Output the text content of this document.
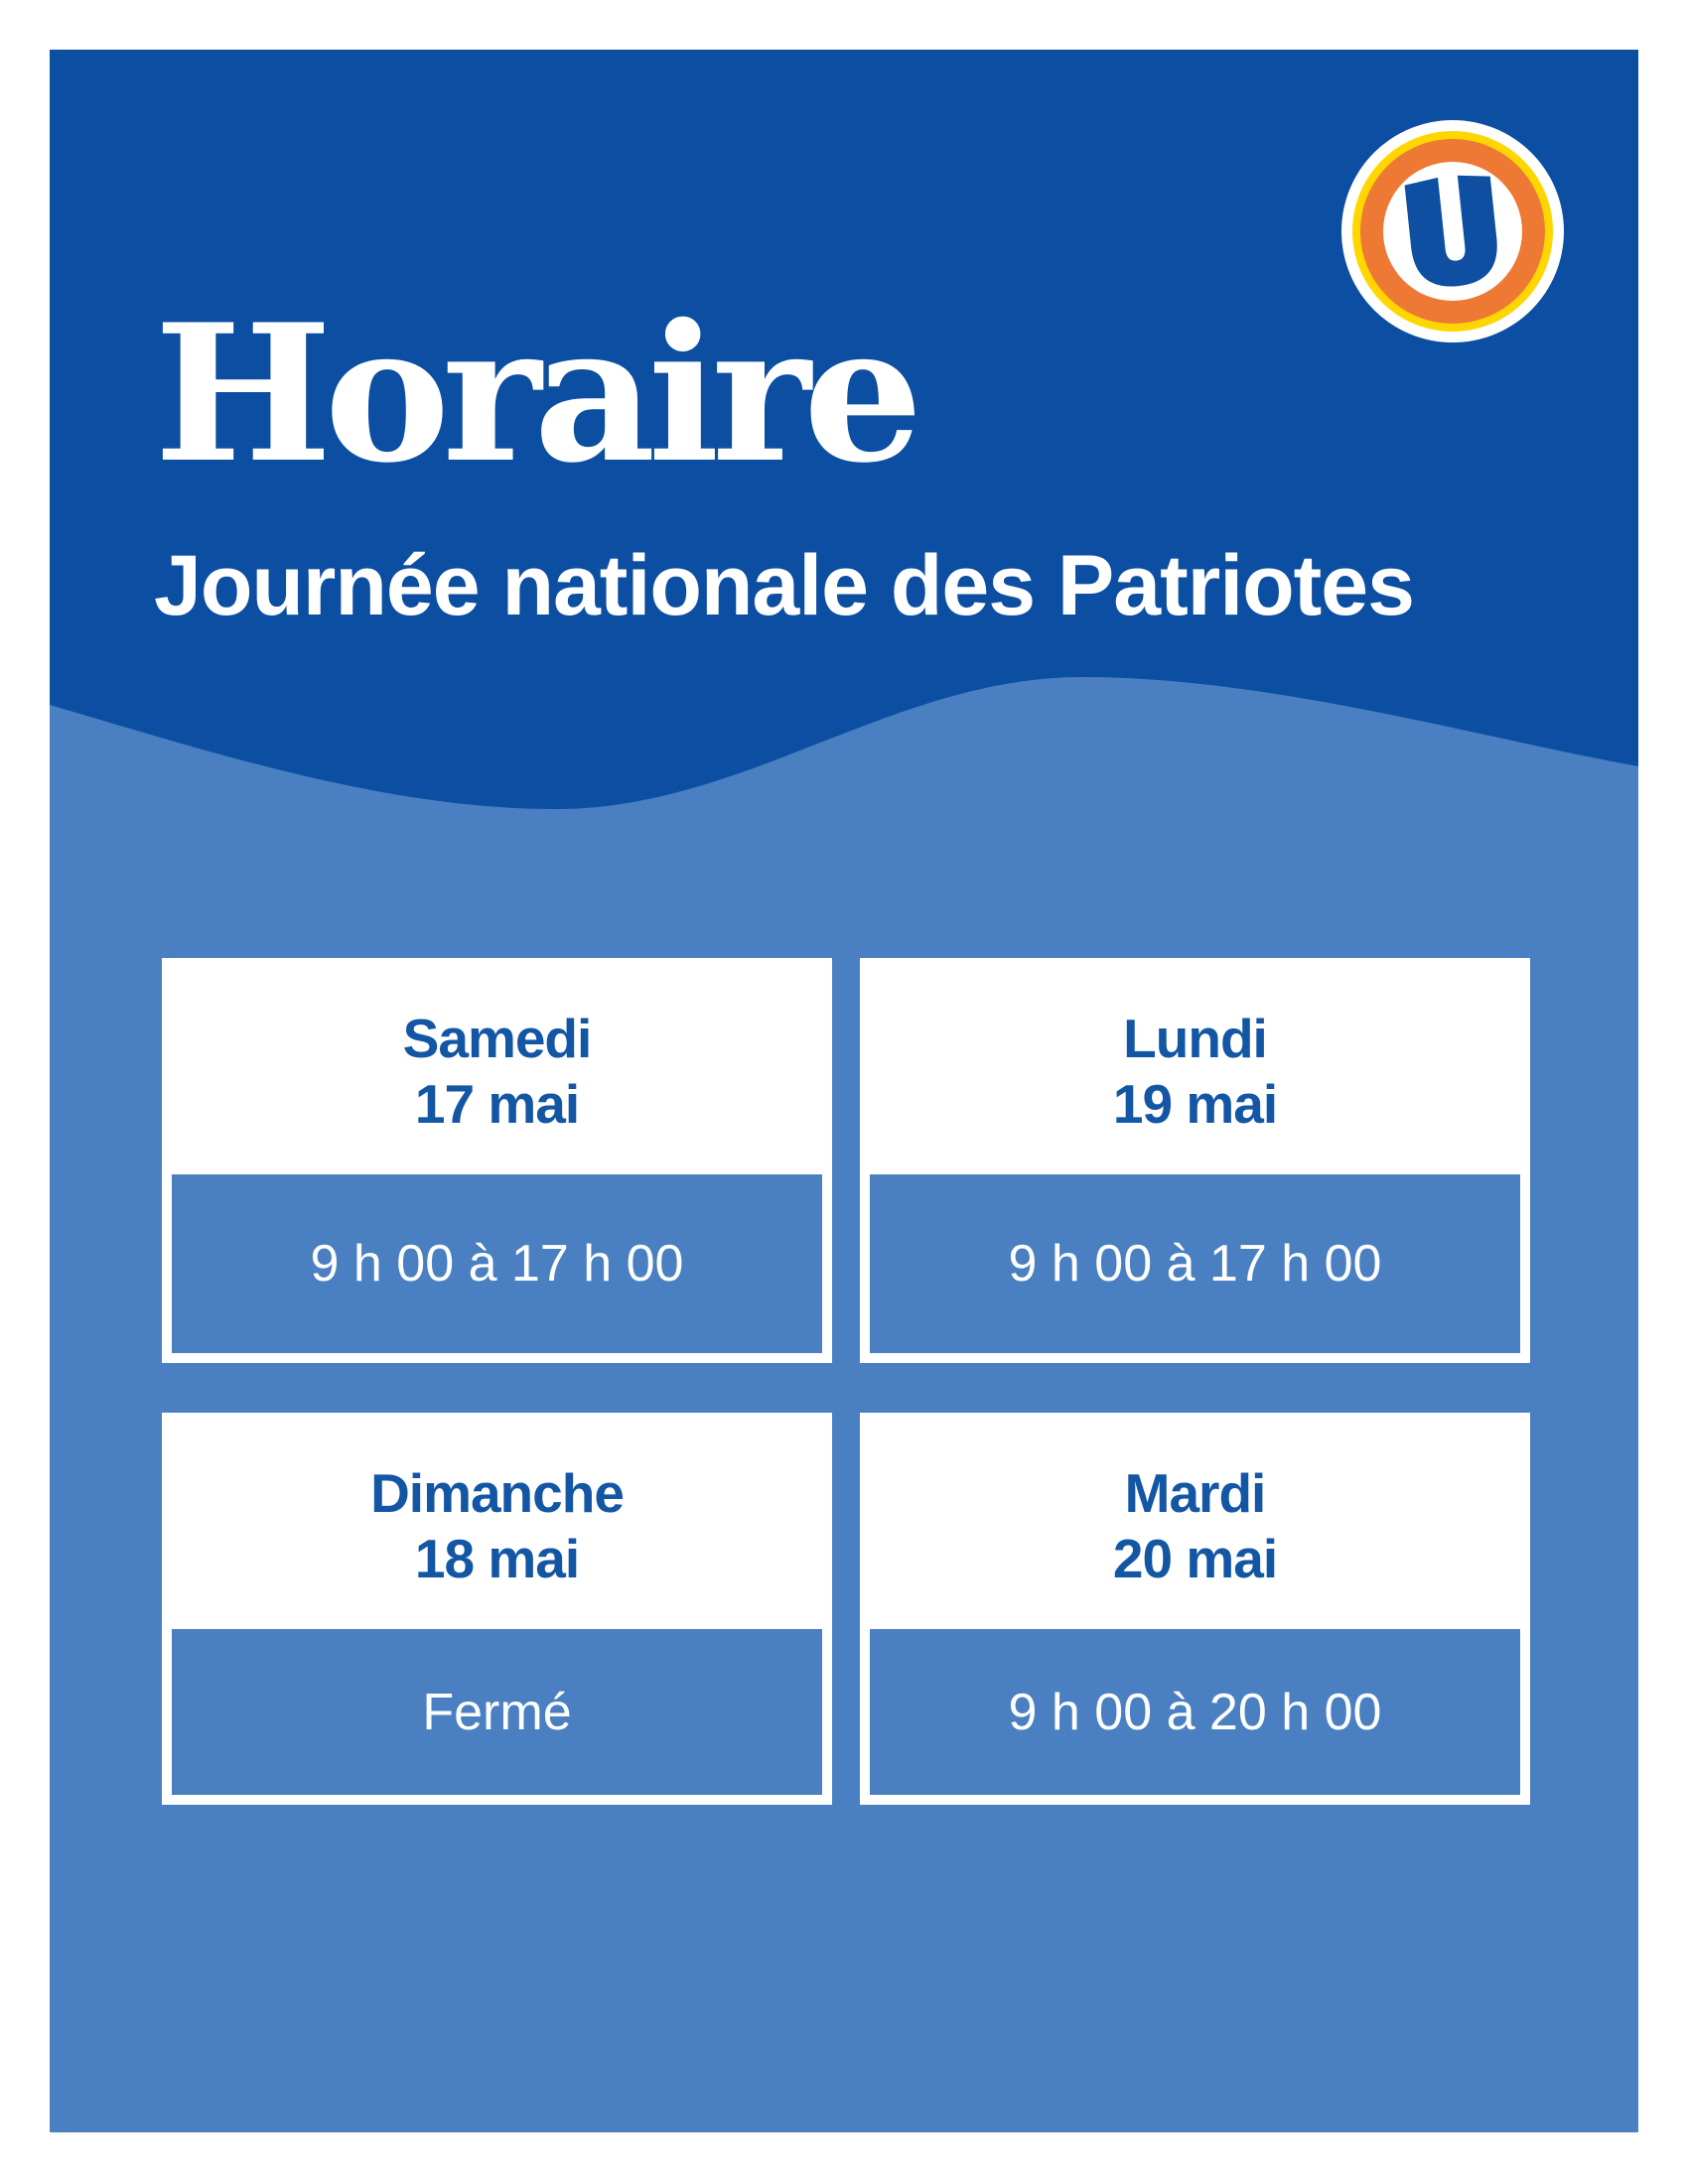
Horaire
Journée nationale des Patriotes
Samedi
17 mai
9 h 00 à 17 h 00
Lundi
19 mai
9 h 00 à 17 h 00
Dimanche
18 mai
Fermé
Mardi
20 mai
9 h 00 à 20 h 00
